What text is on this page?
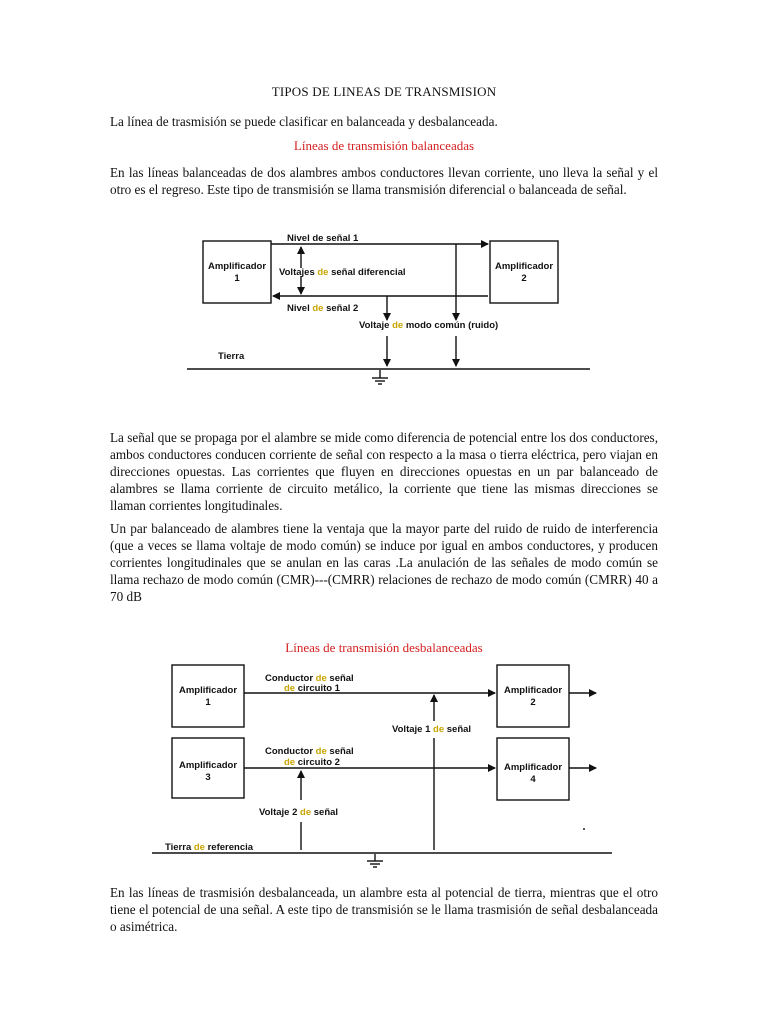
TIPOS DE LINEAS DE TRANSMISION

La línea de trasmisión se puede clasificar en balanceada y desbalanceada.

Líneas de transmisión balanceadas

En las líneas balanceadas de dos alambres ambos conductores llevan corriente, uno lleva la señal y el otro es el regreso. Este tipo de transmisión se llama transmisión diferencial o balanceada de señal.

Amplificador
1
Amplificador
2
Nivel de señal 1
Voltajes de señal diferencial
Nivel de señal 2
Voltaje de modo común (ruido)
Tierra

La señal que se propaga por el alambre se mide como diferencia de potencial entre los dos conductores, ambos conductores conducen corriente de señal con respecto a la masa o tierra eléctrica, pero viajan en direcciones opuestas. Las corrientes que fluyen en direcciones opuestas en un par balanceado de alambres se llama corriente de circuito metálico, la corriente que tiene las mismas direcciones se llaman corrientes longitudinales.

Un par balanceado de alambres tiene la ventaja que la mayor parte del ruido de ruido de interferencia (que a veces se llama voltaje de modo común) se induce por igual en ambos conductores, y producen corrientes longitudinales que se anulan en las caras .La anulación de las señales de modo común se llama rechazo de modo común (CMR)---(CMRR) relaciones de rechazo de modo común (CMRR) 40 a 70 dB

Líneas de transmisión desbalanceadas
Amplificador
1
Amplificador
2
Amplificador
3
Amplificador
4
Conductor de señal
de circuito 1
Conductor de señal
de circuito 2
Voltaje 1 de señal
Voltaje 2 de señal
Tierra de referencia

En las líneas de trasmisión desbalanceada, un alambre esta al potencial de tierra, mientras que el otro tiene el potencial de una señal. A este tipo de transmisión se le llama trasmisión de señal desbalanceada o asimétrica.
